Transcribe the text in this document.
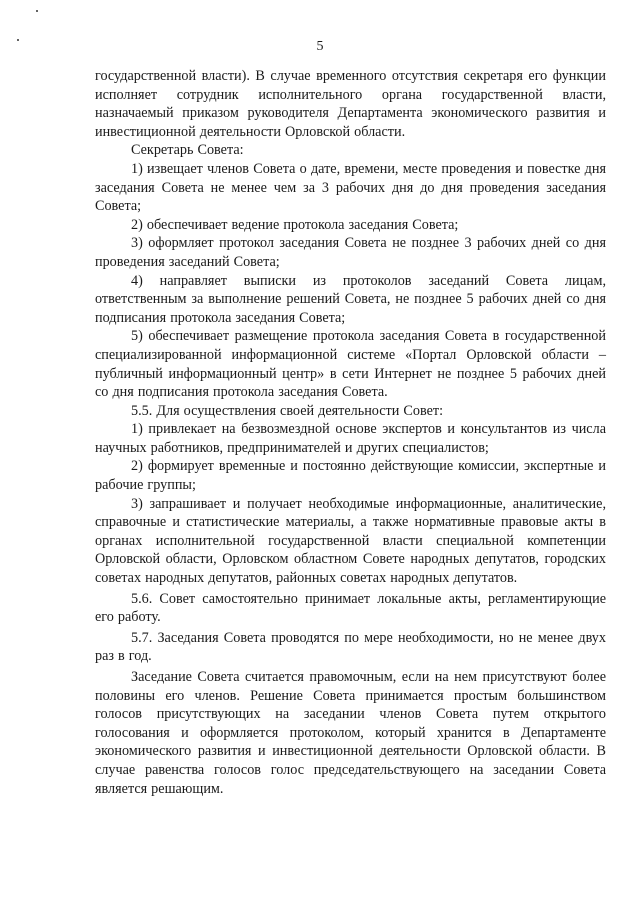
5

государственной власти). В случае временного отсутствия секретаря его функции исполняет сотрудник исполнительного органа государственной власти, назначаемый приказом руководителя Департамента экономического развития и инвестиционной деятельности Орловской области.

Секретарь Совета:

1) извещает членов Совета о дате, времени, месте проведения и повестке дня заседания Совета не менее чем за 3 рабочих дня до дня проведения заседания Совета;

2) обеспечивает ведение протокола заседания Совета;

3) оформляет протокол заседания Совета не позднее 3 рабочих дней со дня проведения заседаний Совета;

4) направляет выписки из протоколов заседаний Совета лицам, ответственным за выполнение решений Совета, не позднее 5 рабочих дней со дня подписания протокола заседания Совета;

5) обеспечивает размещение протокола заседания Совета в государственной специализированной информационной системе «Портал Орловской области – публичный информационный центр» в сети Интернет не позднее 5 рабочих дней со дня подписания протокола заседания Совета.

5.5. Для осуществления своей деятельности Совет:

1) привлекает на безвозмездной основе экспертов и консультантов из числа научных работников, предпринимателей и других специалистов;

2) формирует временные и постоянно действующие комиссии, экспертные и рабочие группы;

3) запрашивает и получает необходимые информационные, аналитические, справочные и статистические материалы, а также нормативные правовые акты в органах исполнительной государственной власти специальной компетенции Орловской области, Орловском областном Совете народных депутатов, городских советах народных депутатов, районных советах народных депутатов.

5.6. Совет самостоятельно принимает локальные акты, регламентирующие его работу.

5.7. Заседания Совета проводятся по мере необходимости, но не менее двух раз в год.

Заседание Совета считается правомочным, если на нем присутствуют более половины его членов. Решение Совета принимается простым большинством голосов присутствующих на заседании членов Совета путем открытого голосования и оформляется протоколом, который хранится в Департаменте экономического развития и инвестиционной деятельности Орловской области. В случае равенства голосов голос председательствующего на заседании Совета является решающим.
